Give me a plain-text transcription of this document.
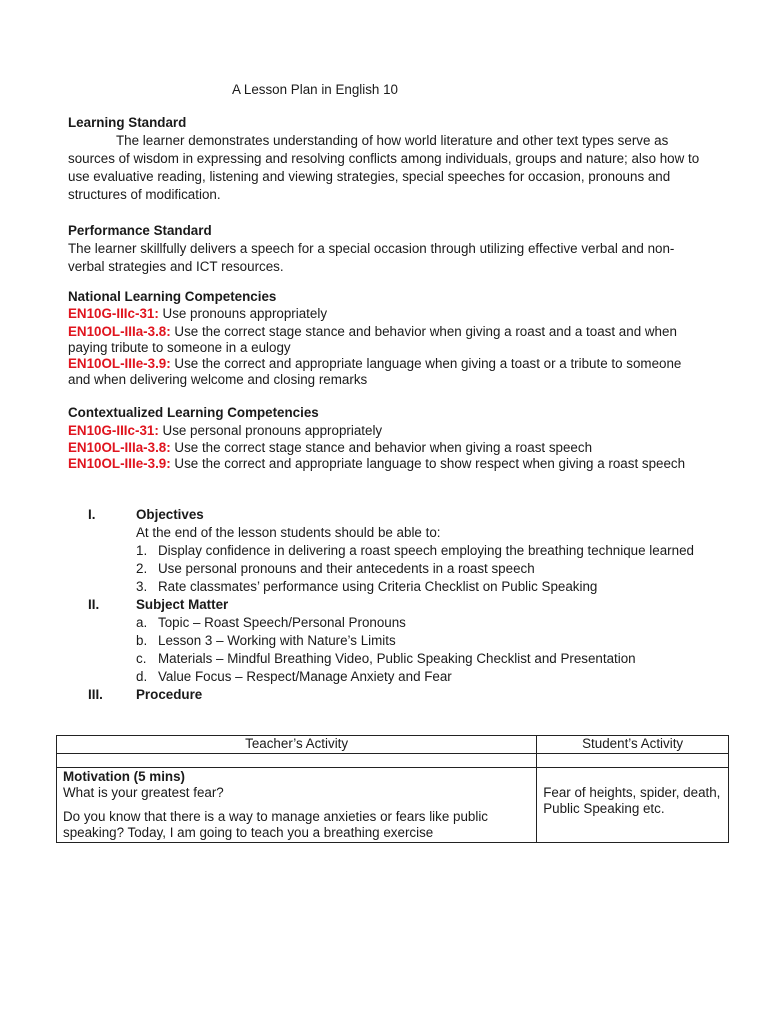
A Lesson Plan in English 10
Learning Standard
The learner demonstrates understanding of how world literature and other text types serve as sources of wisdom in expressing and resolving conflicts among individuals, groups and nature; also how to use evaluative reading, listening and viewing strategies, special speeches for occasion, pronouns and structures of modification.
Performance Standard
The learner skillfully delivers a speech for a special occasion through utilizing effective verbal and non-verbal strategies and ICT resources.
National Learning Competencies
EN10G-IIIc-31: Use pronouns appropriately
EN10OL-IIIa-3.8: Use the correct stage stance and behavior when giving a roast and a toast and when paying tribute to someone in a eulogy
EN10OL-IIIe-3.9: Use the correct and appropriate language when giving a toast or a tribute to someone and when delivering welcome and closing remarks
Contextualized Learning Competencies
EN10G-IIIc-31: Use personal pronouns appropriately
EN10OL-IIIa-3.8: Use the correct stage stance and behavior when giving a roast speech
EN10OL-IIIe-3.9: Use the correct and appropriate language to show respect when giving a roast speech
I.	Objectives
At the end of the lesson students should be able to:
1. Display confidence in delivering a roast speech employing the breathing technique learned
2. Use personal pronouns and their antecedents in a roast speech
3. Rate classmates’ performance using Criteria Checklist on Public Speaking
II.	Subject Matter
a. Topic – Roast Speech/Personal Pronouns
b. Lesson 3 – Working with Nature’s Limits
c. Materials – Mindful Breathing Video, Public Speaking Checklist and Presentation
d. Value Focus – Respect/Manage Anxiety and Fear
III. Procedure
Teacher’s Activity	Student’s Activity

Motivation (5 mins)
What is your greatest fear?
Do you know that there is a way to manage anxieties or fears like public speaking? Today, I am going to teach you a breathing exercise	Fear of heights, spider, death, Public Speaking etc.
